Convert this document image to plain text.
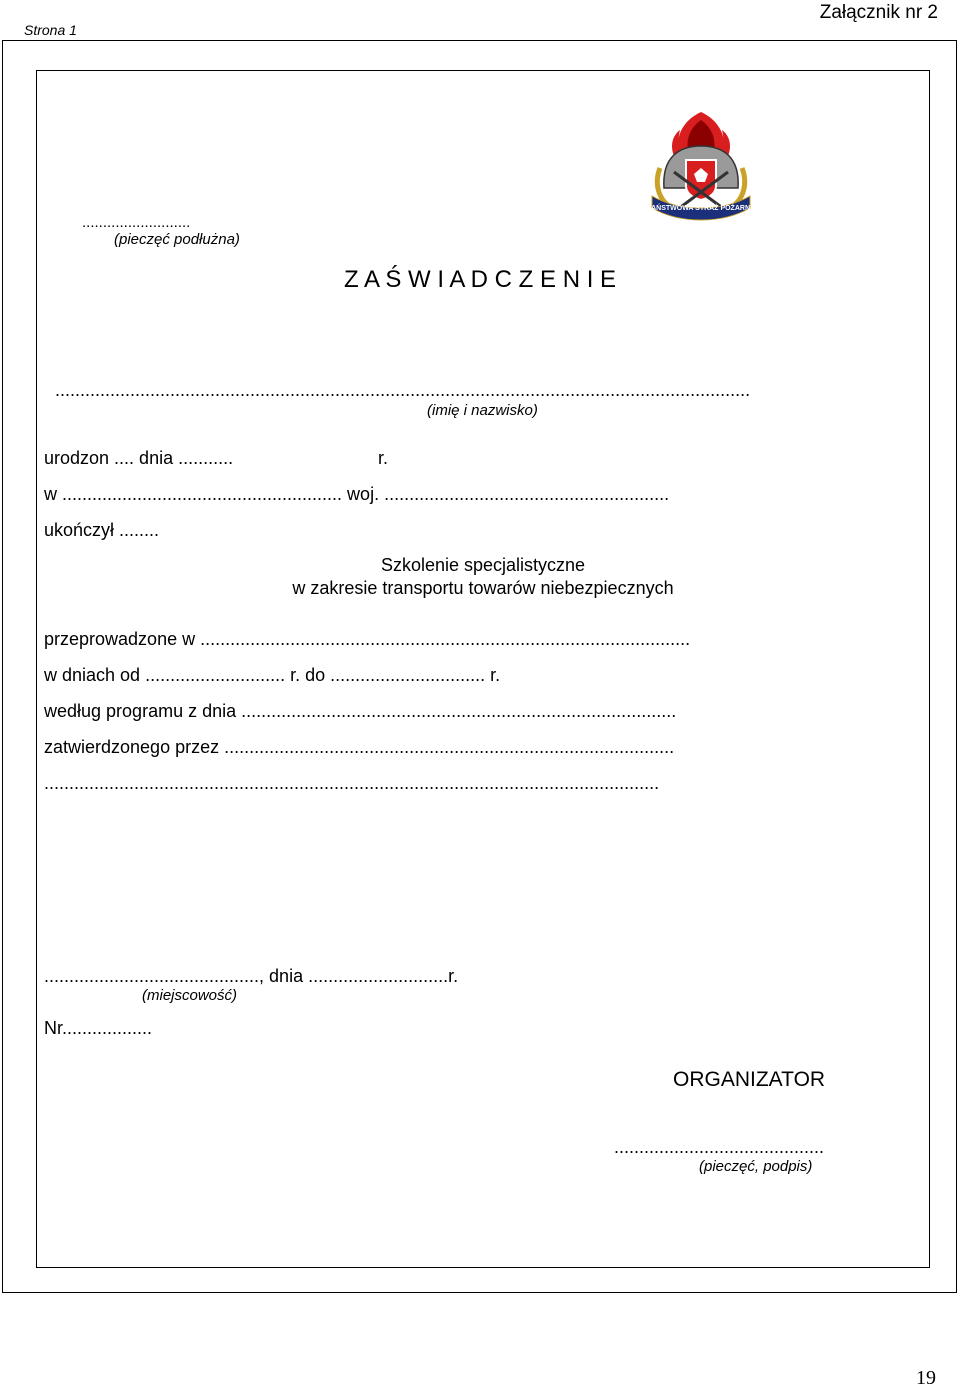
Strona 1
Załącznik nr 2
PAŃSTWOWA STRAŻ POŻARNA
..........................
(pieczęć podłużna)
Z A Ś W I A D C Z E N I E
...........................................................................................................................................
(imię i nazwisko)
urodzon .... dnia ...........	r.
w ........................................................ woj. .........................................................
ukończył ........
Szkolenie specjalistyczne
w zakresie transportu towarów niebezpiecznych
przeprowadzone w ..................................................................................................
w dniach od ............................ r. do ............................... r.
według programu z dnia .......................................................................................
zatwierdzonego przez ..........................................................................................
...........................................................................................................................
..........................................., dnia ............................r.
(miejscowość)
Nr..................
ORGANIZATOR
..........................................
(pieczęć, podpis)
19
